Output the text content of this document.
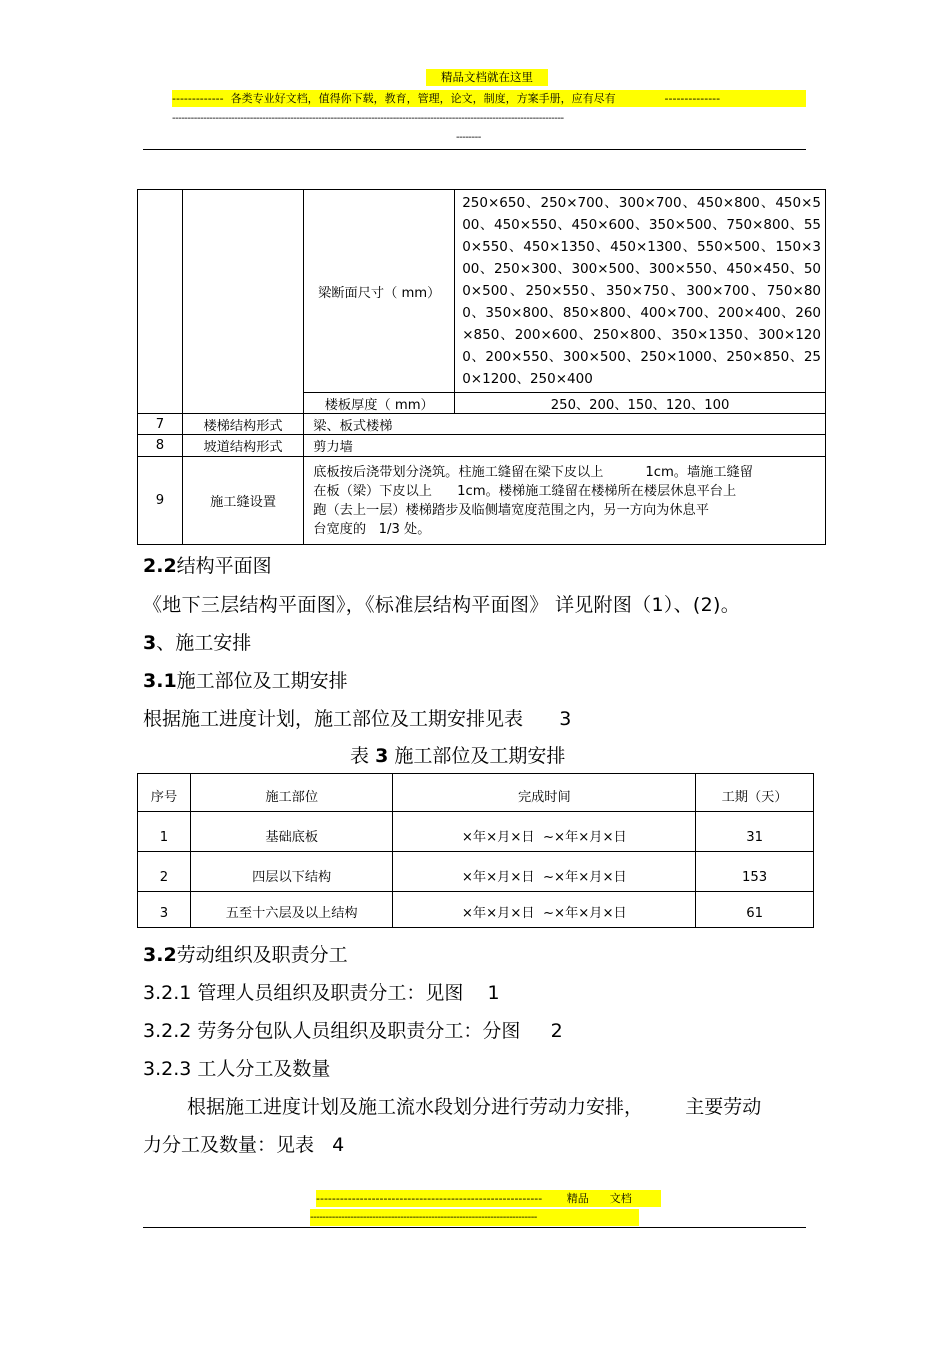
精品文档就在这里
-------------  各类专业好文档，值得你下载，教育，管理，论文，制度，方案手册，应有尽有              --------------
------------------------------------------------------------------------------------------------------------------------------
--------
		梁断面尺寸（ mm）	250×650、250×700、300×700、450×800、450×500、450×550、450×600、350×500、750×800、550×550、450×1350、450×1300、550×500、150×300、250×300、300×500、300×550、450×450、500×500、250×550、350×750、300×700、750×800、350×800、850×800、400×700、200×400、260×850、200×600、250×800、350×1350、300×1200、200×550、300×500、250×1000、250×850、250×1200、250×400
		楼板厚度（ mm）	250、200、150、120、100
7	楼梯结构形式	梁、板式楼梯	
8	坡道结构形式	剪力墙	
9	施工缝设置	底板按后浇带划分浇筑。柱施工缝留在梁下皮以上          1cm。墙施工缝留
在板（梁）下皮以上      1cm。楼梯施工缝留在楼梯所在楼层休息平台上
跑（去上一层）楼梯踏步及临侧墙宽度范围之内，另一方向为休息平
台宽度的   1/3 处。	
2.2结构平面图
《地下三层结构平面图》，《标准层结构平面图》 详见附图（1）、(2)。
3、施工安排
3.1施工部位及工期安排
根据施工进度计划，施工部位及工期安排见表      3
表 3 施工部位及工期安排
序号	施工部位	完成时间	工期（天）
1	基础底板	×年×月×日  ~×年×月×日	31
2	四层以下结构	×年×月×日  ~×年×月×日	153
3	五至十六层及以上结构	×年×月×日  ~×年×月×日	61
3.2劳动组织及职责分工
3.2.1 管理人员组织及职责分工：见图    1
3.2.2 劳务分包队人员组织及职责分工：分图     2
3.2.3 工人分工及数量
根据施工进度计划及施工流水段划分进行劳动力安排，       主要劳动
力分工及数量：见表   4
---------------------------------------------------------       精品      文档
-------------------------------------------------------------------------
